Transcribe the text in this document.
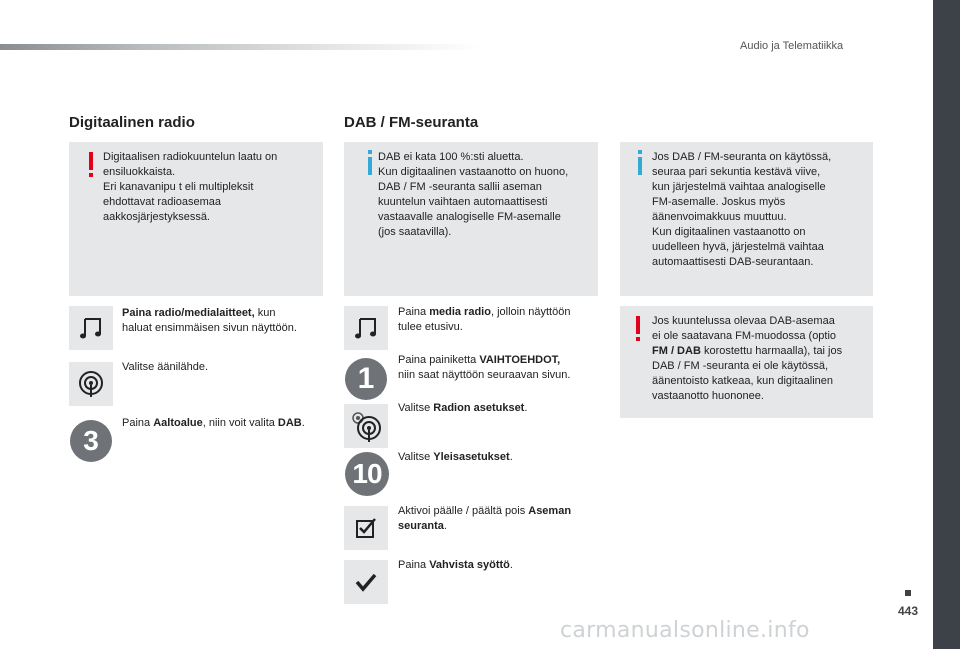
Audio ja Telematiikka
Digitaalinen radio
Digitaalisen radiokuuntelun laatu on
ensiluokkaista.
Eri kanavanipu t eli multipleksit
ehdottavat radioasemaa
aakkosjärjestyksessä.
Paina radio/medialaitteet, kun
haluat ensimmäisen sivun näyttöön.
Valitse äänilähde.
3
Paina Aaltoalue, niin voit valita DAB.
DAB / FM-seuranta
DAB ei kata 100 %:sti aluetta.
Kun digitaalinen vastaanotto on huono,
DAB / FM -seuranta sallii aseman
kuuntelun vaihtaen automaattisesti
vastaavalle analogiselle FM-asemalle
(jos saatavilla).
Paina media radio, jolloin näyttöön
tulee etusivu.
1
Paina painiketta VAIHTOEHDOT,
niin saat näyttöön seuraavan sivun.
Valitse Radion asetukset.
10
Valitse Yleisasetukset.
Aktivoi päälle / päältä pois Aseman
seuranta.
Paina Vahvista syöttö.
Jos DAB / FM-seuranta on käytössä,
seuraa pari sekuntia kestävä viive,
kun järjestelmä vaihtaa analogiselle
FM-asemalle. Joskus myös
äänenvoimakkuus muuttuu.
Kun digitaalinen vastaanotto on
uudelleen hyvä, järjestelmä vaihtaa
automaattisesti DAB-seurantaan.
Jos kuuntelussa olevaa DAB-asemaa
ei ole saatavana FM-muodossa (optio
FM / DAB korostettu harmaalla), tai jos
DAB / FM -seuranta ei ole käytössä,
äänentoisto katkeaa, kun digitaalinen
vastaanotto huononee.
443
carmanualsonline.info
